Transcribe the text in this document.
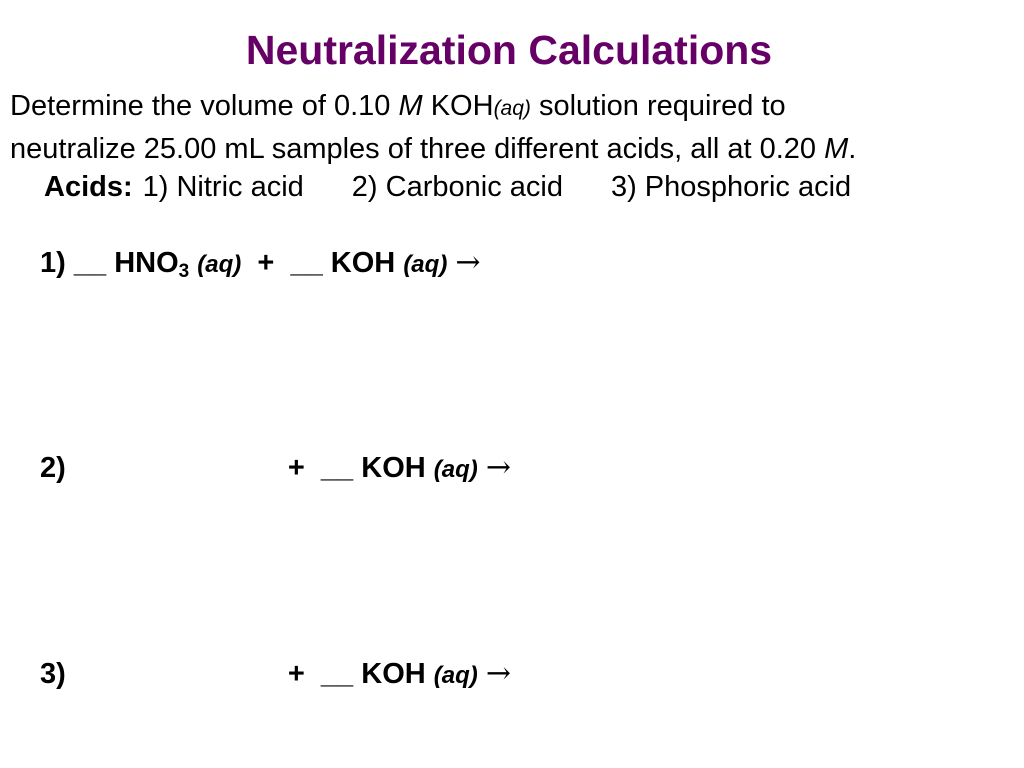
Neutralization Calculations
Determine the volume of 0.10 M KOH(aq) solution required to
neutralize 25.00 mL samples of three different acids, all at 0.20 M.
Acids: 1) Nitric acid 2) Carbonic acid 3) Phosphoric acid
1) __ $HNO_3$ (aq) + __ KOH (aq) →
2)	+ __ KOH (aq) →
3)	+ __ KOH (aq) →
